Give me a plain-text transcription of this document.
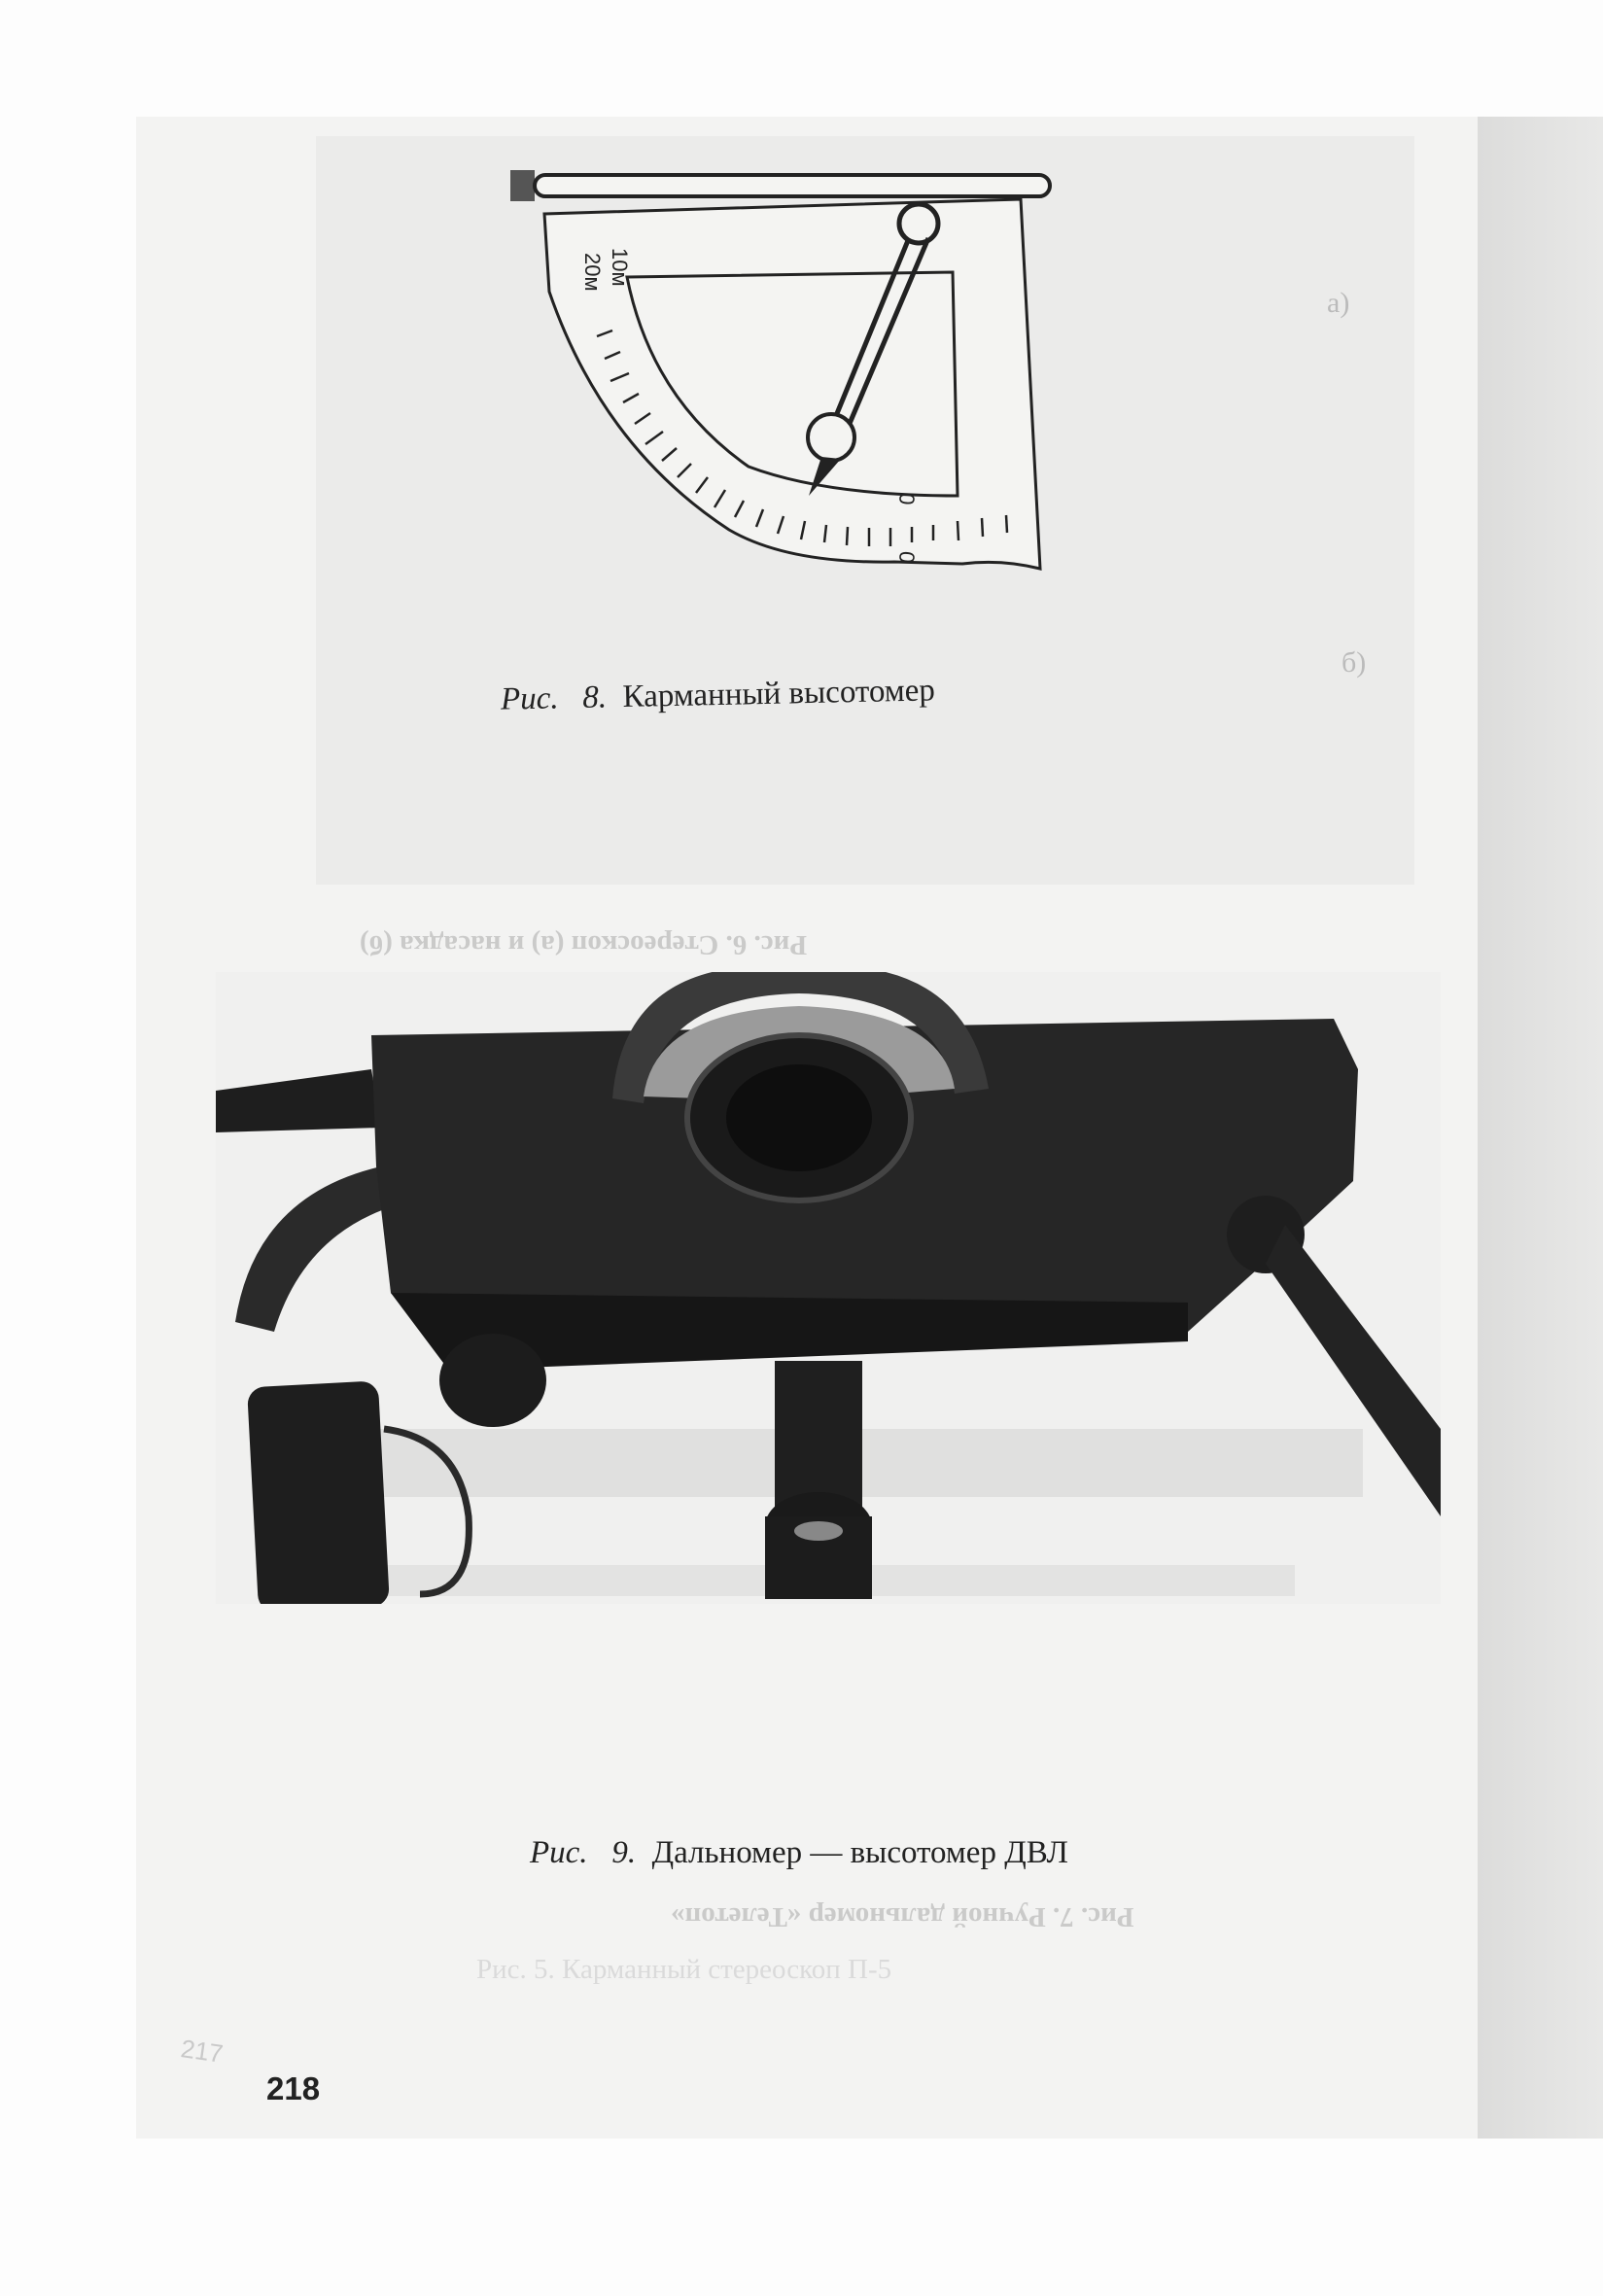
а)
б)
10м
20м
0
0
Рис. 8. Карманный высотомер
Рис. 6. Стереоскоп (а) и насадка (б)
Рис. 9. Дальномер — высотомер ДВЛ
Рис. 7. Ручной дальномер «Телетоп»
Рис. 5. Карманный стереоскоп П-5
217
218
